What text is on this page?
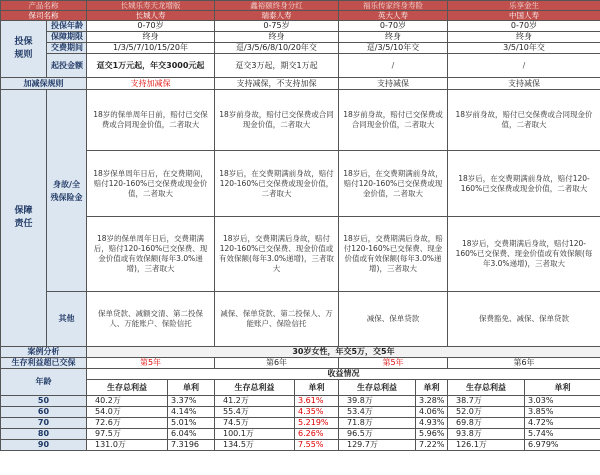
产品名称		长城乐寿天龙增版		鑫裕颐终身分红		福乐传家终身寿险		乐享金生	
保司名称		长城人寿		瑞泰人寿		英大人寿		中国人寿	
投保
规则	投保年龄	0-70岁		0-75岁		0-70岁		0-70岁	
	保障期限	终身		终身		终身		终身	
	交费期间	1/3/5/7/10/15/20年		趸/3/5/6/8/10/20年交		趸/3/5/10年交		3/5/10年交	
	起投金额	趸交1万元起，年交3000元起		趸交3万起，期交1万起		/		/	
加减保规则		支持加减保		支持减保，不支持加保		支持减保		支持减保	
保障
责任	身故/全
残保险金	18岁的保单周年日前，赔付已交保费或合同现金价值，二者取大		18岁前身故，赔付已交保费或合同现金价值，二者取大		18岁前身故，赔付已交保费或合同现金价值，二者取大		18岁前身故，赔付已交保费或合同现金价值，二者取大	
		18岁保单周年日后，在交费期间，赔付120-160%已交保费或现金价值，二者取大		18岁后，在交费期满前身故，赔付120-160%已交保费或现金价值，二者取大		18岁后，在交费期满前身故，赔付120-160%已交保费或现金价值，二者取大		18岁后，在交费期满前身故，赔付120-160%已交保费或现金价值，二者取大	
		18岁的保单周年日后，交费期满后，赔付120-160%已交保费、现金价值或有效保额(每年3.0%递增)，三者取大		18岁后，交费期满后身故，赔付120-160%已交保费、现金价值或有效保额(每年3.0%递增)，三者取大		18岁后，交费期满后身故，赔付120-160%已交保费、现金价值或有效保额(每年3.0%递增)，三者取大		18岁后，交费期满后身故，赔付120-160%已交保费、现金价值或有效保额(每年3.0%递增)，三者取大	
	其他	保单贷款、减额交清、第二投保人、万能账户、保险信托		减保、保单贷款、第二投保人、万能账户、保险信托		减保、保单贷款		保费豁免、减保、保单贷款	
案例分析		30岁女性，年交5万，交5年							
生存利益超已交保		第5年		第6年		第5年		第6年	
年龄		收益情况							
		生存总利益	单利	生存总利益	单利	生存总利益	单利	生存总利益	单利
50		40.2万	3.37%	41.2万	3.61%	39.8万	3.28%	38.7万	3.03%
60		54.0万	4.14%	55.4万	4.35%	53.4万	4.06%	52.0万	3.85%
70		72.6万	5.01%	74.5万	5.219%	71.8万	4.93%	69.8万	4.72%
80		97.5万	6.04%	100.1万	6.26%	96.5万	5.96%	93.8万	5.74%
90		131.0万	7.3196	134.5万	7.55%	129.7万	7.22%	126.1万	6.979%
